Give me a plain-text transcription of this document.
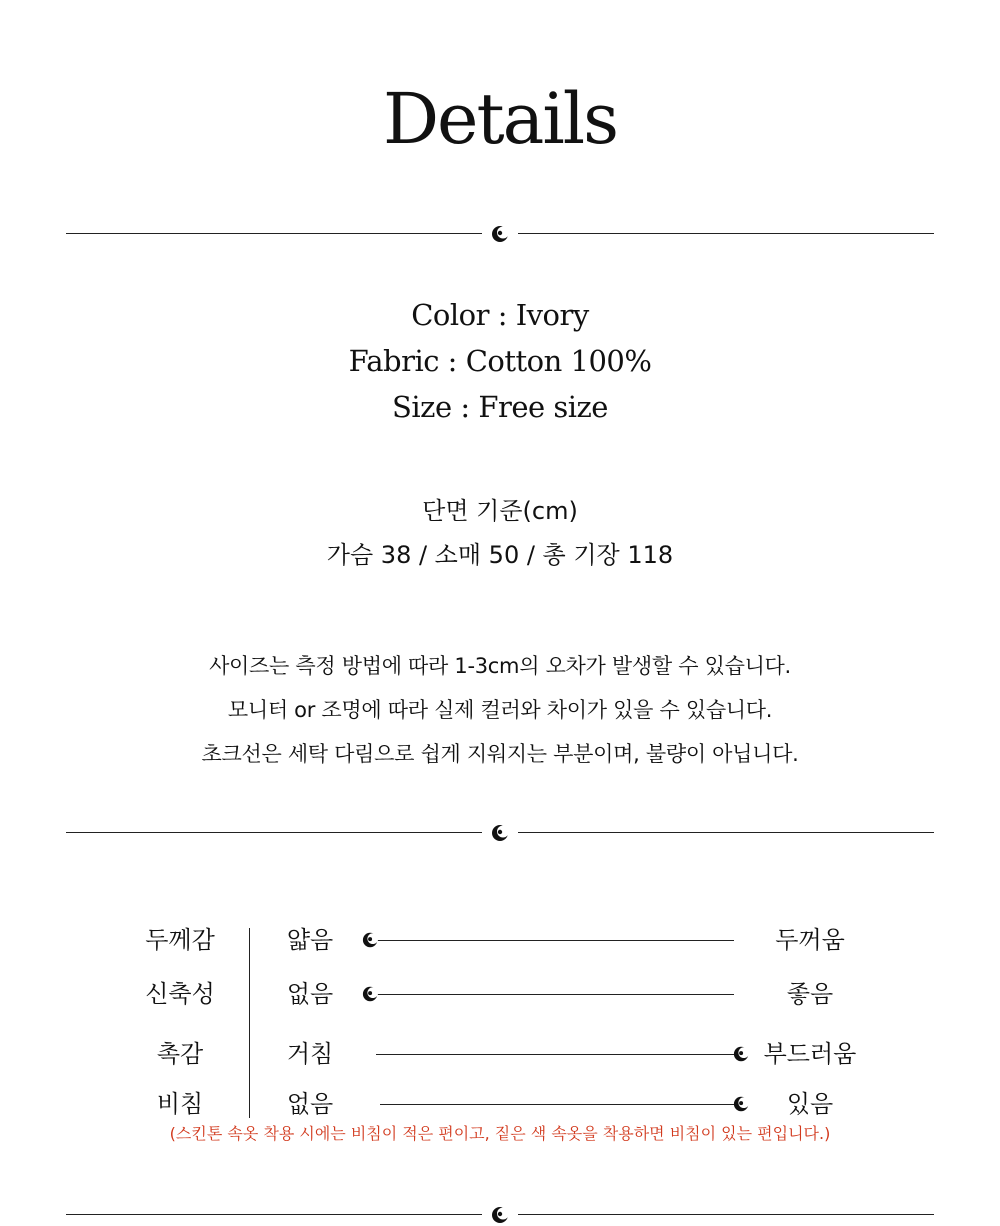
Details
Color : Ivory
Fabric : Cotton 100%
Size : Free size
단면 기준(cm)
가슴 38 / 소매 50 / 총 기장 118
사이즈는 측정 방법에 따라 1-3cm의 오차가 발생할 수 있습니다.
모니터 or 조명에 따라 실제 컬러와 차이가 있을 수 있습니다.
초크선은 세탁 다림으로 쉽게 지워지는 부분이며, 불량이 아닙니다.
두께감	얇음	두꺼움
신축성	없음	좋음
촉감	거침	부드러움
비침	없음	있음
(스킨톤 속옷 착용 시에는 비침이 적은 편이고, 짙은 색 속옷을 착용하면 비침이 있는 편입니다.)
